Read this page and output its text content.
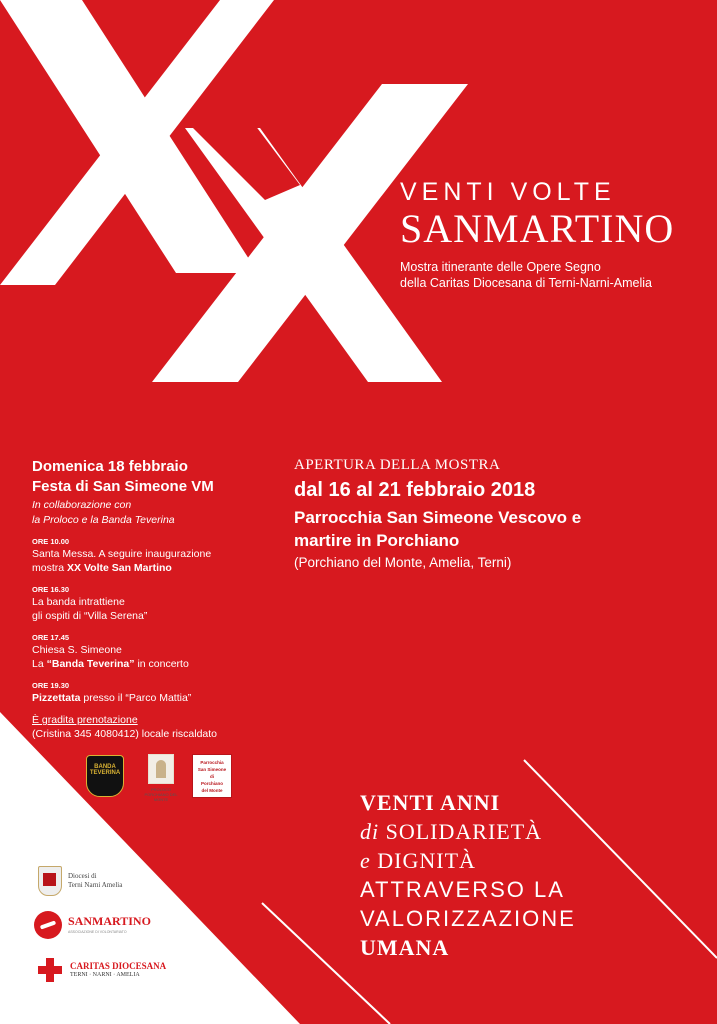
VENTI VOLTE
SANMARTINO
Mostra itinerante delle Opere Segno
della Caritas Diocesana di Terni-Narni-Amelia
Domenica 18 febbraio
Festa di San Simeone VM
In collaborazione con
la Proloco e la Banda Teverina
ORE 10.00
Santa Messa. A seguire inaugurazione
mostra XX Volte San Martino
ORE 16.30
La banda intrattiene
gli ospiti di “Villa Serena”
ORE 17.45
Chiesa S. Simeone
La “Banda Teverina” in concerto
ORE 19.30
Pizzettata presso il “Parco Mattia”
È gradita prenotazione
(Cristina 345 4080412) locale riscaldato
APERTURA DELLA MOSTRA
dal 16 al 21 febbraio 2018
Parrocchia San Simeone Vescovo e
martire in Porchiano
(Porchiano del Monte, Amelia, Terni)
BANDA TEVERINA
PROLOCO PORCHIANO DEL MONTE
Parrocchia
San Simeone
di
Porchiano
del Monte	VENTI ANNI
di SOLIDARIETÀ
e DIGNITÀ
ATTRAVERSO LA
VALORIZZAZIONE
UMANA
Diocesi di
Terni Narni Amelia
SANMARTINO
ASSOCIAZIONE DI VOLONTARIATO
CARITAS DIOCESANA
TERNI · NARNI · AMELIA
